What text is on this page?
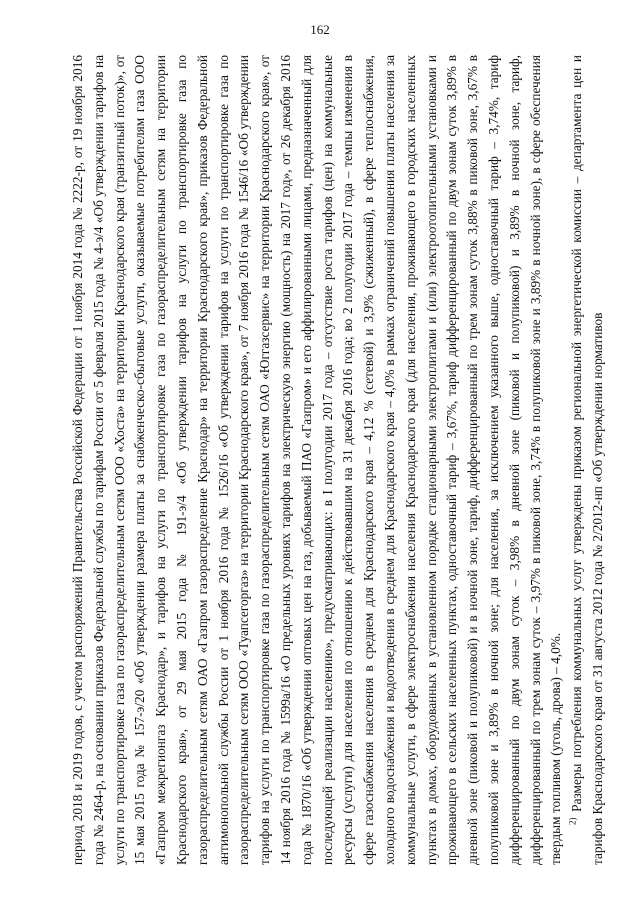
162

период 2018 и 2019 годов, с учетом распоряжений Правительства Российской Федерации от 1 ноября 2014 года № 2222-р, от 19 ноября 2016 года № 2464-р, на основании приказов Федеральной службы по тарифам России от 5 февраля 2015 года № 4-э/4 «Об утверждении тарифов на услуги по транспортировке газа по газораспределительным сетям ООО «Хоста» на территории Краснодарского края (транзитный поток)», от 15 мая 2015 года № 157-э/20 «Об утверждении размера платы за снабженческо-сбытовые услуги, оказываемые потребителям газа ООО «Газпром межрегионгаз Краснодар», и тарифов на услуги по транспортировке газа по газораспределительным сетям на территории Краснодарского края», от 29 мая 2015 года № 191-э/4 «Об утверждении тарифов на услуги по транспортировке газа по газораспределительным сетям ОАО «Газпром газораспределение Краснодар» на территории Краснодарского края», приказов Федеральной антимонопольной службы России от 1 ноября 2016 года № 1526/16 «Об утверждении тарифов на услуги по транспортировке газа по газораспределительным сетям ООО «Туапсегоргаз» на территории Краснодарского края», от 7 ноября 2016 года № 1546/16 «Об утверждении тарифов на услуги по транспортировке газа по газораспределительным сетям ОАО «Юггазсервис» на территории Краснодарского края», от 14 ноября 2016 года № 1599а/16 «О предельных уровнях тарифов на электрическую энергию (мощность) на 2017 год», от 26 декабря 2016 года № 1870/16 «Об утверждении оптовых цен на газ, добываемый ПАО «Газпром» и его аффилированными лицами, предназначенный для последующей реализации населению», предусматривающих: в I полугодии 2017 года – отсутствие роста тарифов (цен) на коммунальные ресурсы (услуги) для населения по отношению к действовавшим на 31 декабря 2016 года; во 2 полугодии 2017 года – темпы изменения в сфере газоснабжения населения в среднем для Краснодарского края – 4,12 % (сетевой) и 3,9% (сжиженный), в сфере теплоснабжения, холодного водоснабжения и водоотведения в среднем для Краснодарского края – 4,0% в рамках ограничений повышения платы населения за коммунальные услуги, в сфере электроснабжения населения Краснодарского края (для населения, проживающего в городских населенных пунктах в домах, оборудованных в установленном порядке стационарными электроплитами и (или) электроотопительными установками и проживающего в сельских населенных пунктах, одноставочный тариф – 3,67%, тариф дифференцированный по двум зонам суток 3,89% в дневной зоне (пиковой и полупиковой) и в ночной зоне, тариф, дифференцированный по трем зонам суток 3,88% в пиковой зоне, 3,67% в полупиковой зоне и 3,89% в ночной зоне; для населения, за исключением указанного выше, одноставочный тариф – 3,74%, тариф дифференцированный по двум зонам суток – 3,98% в дневной зоне (пиковой и полупиковой) и 3,89% в ночной зоне, тариф, дифференцированный по трем зонам суток – 3,97% в пиковой зоне, 3,74% в полупиковой зоне и 3,89% в ночной зоне), в сфере обеспечения твердым топливом (уголь, дрова) – 4,0%. $^{2)}$ Размеры потребления коммунальных услуг утверждены приказом региональной энергетической комиссии – департамента цен и тарифов Краснодарского края от 31 августа 2012 года № 2/2012-нп «Об утверждении нормативов
